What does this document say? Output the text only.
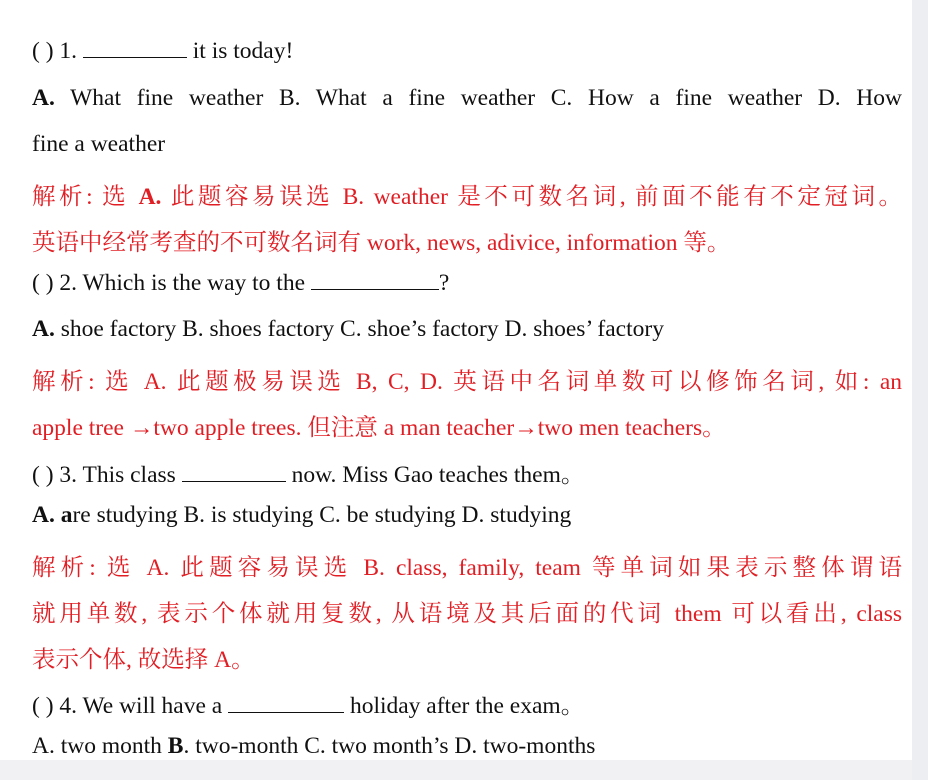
( ) 1.	it is today!
A. What fine weather B. What a fine weather C. How a fine weather D. How
fine a weather
解析: 选 A. 此题容易误选 B. weather 是不可数名词, 前面不能有不定冠词。
英语中经常考查的不可数名词有 work, news, adivice, information 等。
( ) 2. Which is the way to the	?
A. shoe factory B. shoes factory C. shoe’s factory D. shoes’ factory
解析: 选 A. 此题极易误选 B, C, D. 英语中名词单数可以修饰名词, 如: an
apple tree →two apple trees. 但注意 a man teacher→two men teachers。
( ) 3. This class	now. Miss Gao teaches them。
A. are studying B. is studying C. be studying D. studying
解析: 选 A. 此题容易误选 B. class, family, team 等单词如果表示整体谓语
就用单数, 表示个体就用复数, 从语境及其后面的代词 them 可以看出, class
表示个体, 故选择 A。
( ) 4. We will have a	holiday after the exam。
A. two month B. two-month C. two month’s D. two-months
